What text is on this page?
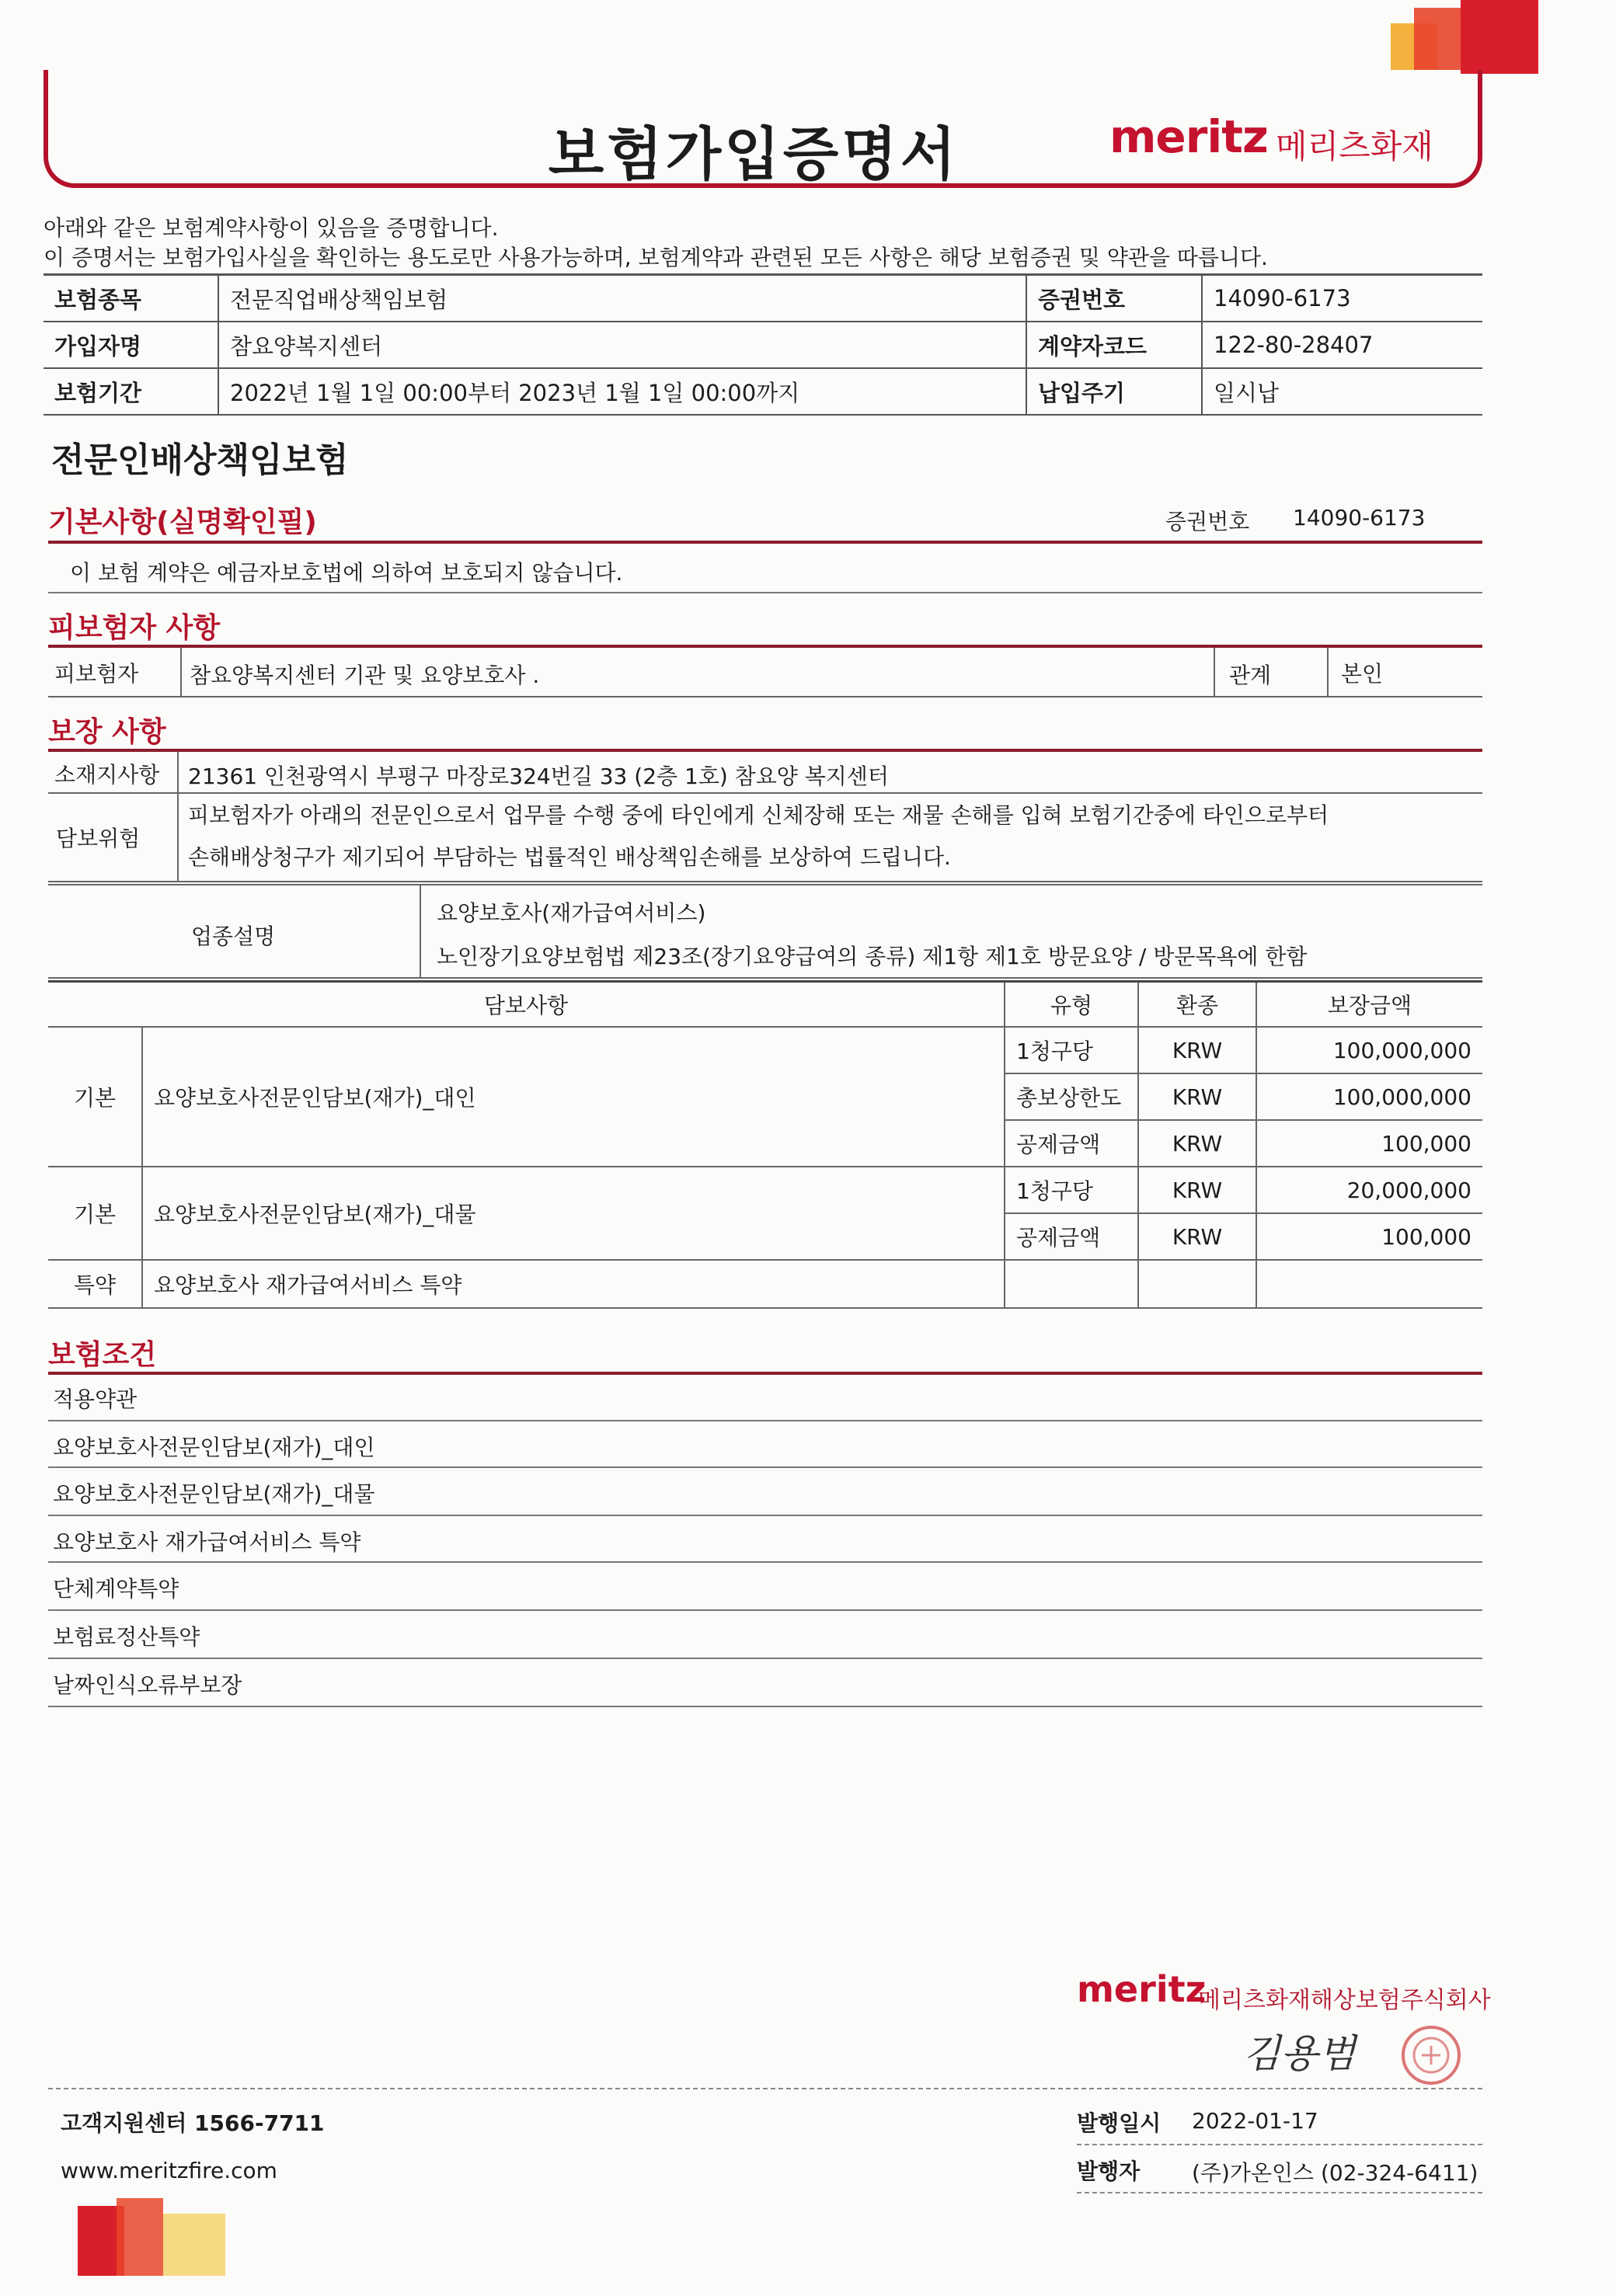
보험가입증명서	meritz 메리츠화재
아래와 같은 보험계약사항이 있음을 증명합니다.
이 증명서는 보험가입사실을 확인하는 용도로만 사용가능하며, 보험계약과 관련된 모든 사항은 해당 보험증권 및 약관을 따릅니다.
보험종목	전문직업배상책임보험	증권번호	14090-6173
가입자명	참요양복지센터	계약자코드	122-80-28407
보험기간	2022년 1월 1일 00:00부터 2023년 1월 1일 00:00까지	납입주기	일시납
전문인배상책임보험
기본사항(실명확인필)	증권번호 14090-6173
이 보험 계약은 예금자보호법에 의하여 보호되지 않습니다.
피보험자 사항
피보험자 참요양복지센터 기관 및 요양보호사 .	관계	본인
보장 사항
소재지사항 21361 인천광역시 부평구 마장로324번길 33 (2층 1호) 참요양 복지센터
담보위험
피보험자가 아래의 전문인으로서 업무를 수행 중에 타인에게 신체장해 또는 재물 손해를 입혀 보험기간중에 타인으로부터
손해배상청구가 제기되어 부담하는 법률적인 배상책임손해를 보상하여 드립니다.
업종설명
요양보호사(재가급여서비스)
노인장기요양보험법 제23조(장기요양급여의 종류) 제1항 제1호 방문요양 / 방문목욕에 한함
담보사항		유형	환종	보장금액
기본	요양보호사전문인담보(재가)_대인	1청구당	KRW	100,000,000
		총보상한도	KRW	100,000,000
		공제금액	KRW	100,000
기본	요양보호사전문인담보(재가)_대물	1청구당	KRW	20,000,000
		공제금액	KRW	100,000
특약	요양보호사 재가급여서비스 특약			
보험조건
적용약관
요양보호사전문인담보(재가)_대인
요양보호사전문인담보(재가)_대물
요양보호사 재가급여서비스 특약
단체계약특약
보험료정산특약
날짜인식오류부보장
meritz
메리츠화재해상보험주식회사
김용범
고객지원센터 1566-7711
www.meritzfire.com
발행일시 2022-01-17
발행자 (주)가온인스 (02-324-6411)
